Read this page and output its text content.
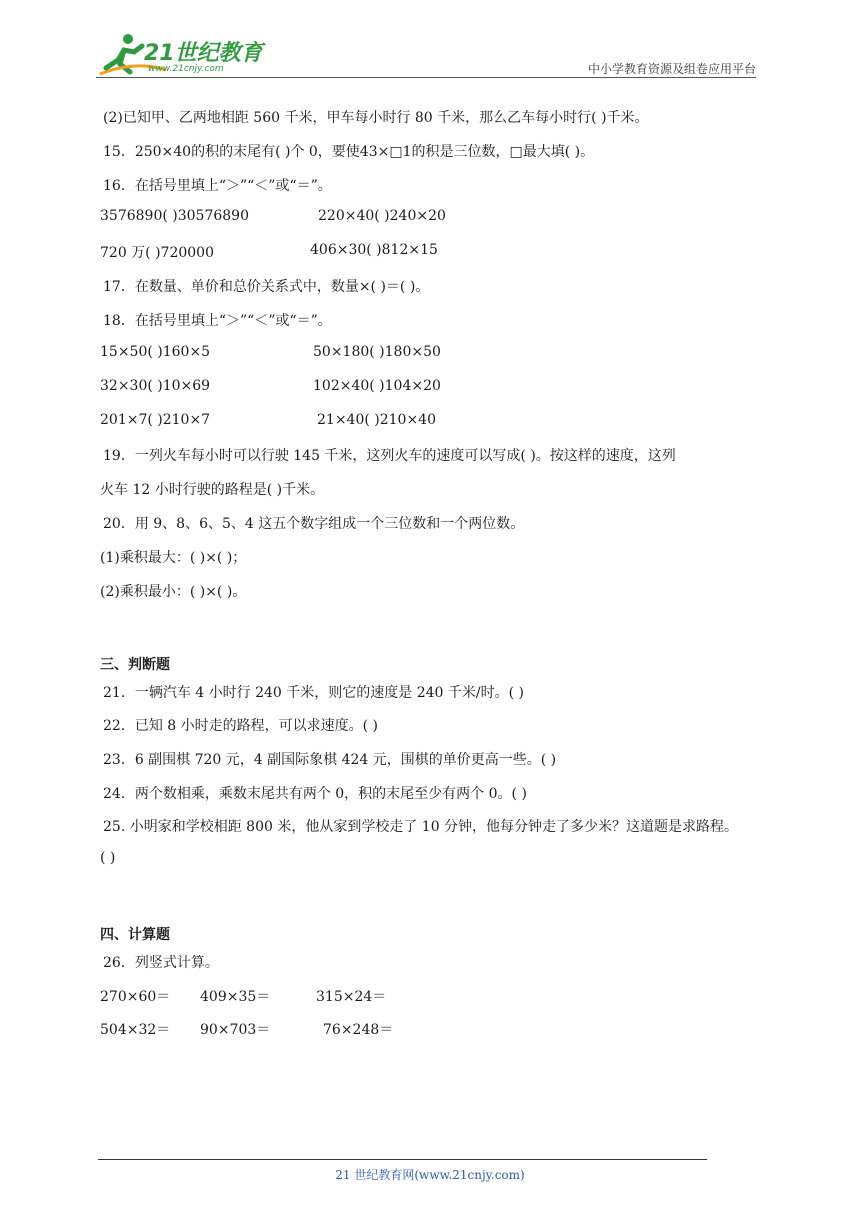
21世纪教育
www.21cnjy.com	中小学教育资源及组卷应用平台
(2)已知甲、乙两地相距 560 千米，甲车每小时行 80 千米，那么乙车每小时行( )千米。
15．250×40的积的末尾有( )个 0，要使43×□1的积是三位数，□最大填( )。
16．在括号里填上“＞”“＜”或“＝”。
3576890( )30576890	220×40( )240×20
720 万( )720000	406×30( )812×15
17．在数量、单价和总价关系式中，数量×( )＝( )。
18．在括号里填上“＞”“＜”或“＝”。
15×50( )160×5	50×180( )180×50
32×30( )10×69	102×40( )104×20
201×7( )210×7	21×40( )210×40
19．一列火车每小时可以行驶 145 千米，这列火车的速度可以写成( )。按这样的速度，这列
火车 12 小时行驶的路程是( )千米。
20．用 9、8、6、5、4 这五个数字组成一个三位数和一个两位数。
(1)乘积最大：( )×( )；
(2)乘积最小：( )×( )。
三、判断题
21．一辆汽车 4 小时行 240 千米，则它的速度是 240 千米/时。( )
22．已知 8 小时走的路程，可以求速度。( )
23．6 副围棋 720 元，4 副国际象棋 424 元，围棋的单价更高一些。( )
24．两个数相乘，乘数末尾共有两个 0，积的末尾至少有两个 0。( )
25. 小明家和学校相距 800 米，他从家到学校走了 10 分钟，他每分钟走了多少米？这道题是求路程。
( )
四、计算题
26．列竖式计算。
270×60＝ 409×35＝	315×24＝
504×32＝ 90×703＝	76×248＝
21 世纪教育网(www.21cnjy.com)
